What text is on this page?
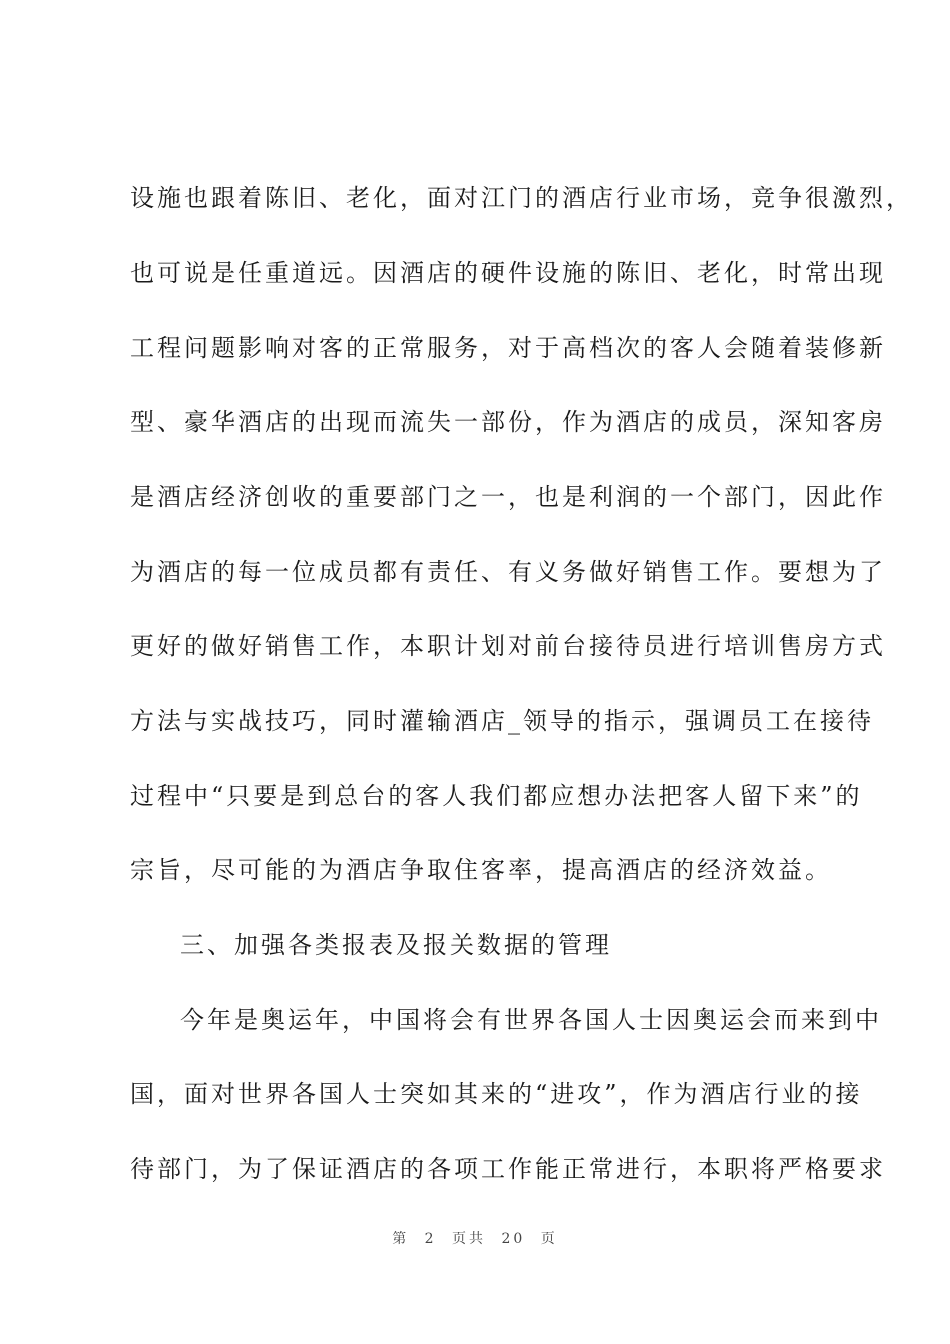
设施也跟着陈旧、老化，面对江门的酒店行业市场，竞争很激烈，
也可说是任重道远。因酒店的硬件设施的陈旧、老化，时常出现
工程问题影响对客的正常服务，对于高档次的客人会随着装修新
型、豪华酒店的出现而流失一部份，作为酒店的成员，深知客房
是酒店经济创收的重要部门之一，也是利润的一个部门，因此作
为酒店的每一位成员都有责任、有义务做好销售工作。要想为了
更好的做好销售工作，本职计划对前台接待员进行培训售房方式
方法与实战技巧，同时灌输酒店_领导的指示，强调员工在接待
过程中“只要是到总台的客人我们都应想办法把客人留下来”的
宗旨，尽可能的为酒店争取住客率，提高酒店的经济效益。
三、加强各类报表及报关数据的管理
今年是奥运年，中国将会有世界各国人士因奥运会而来到中
国，面对世界各国人士突如其来的“进攻”，作为酒店行业的接
待部门，为了保证酒店的各项工作能正常进行，本职将严格要求
第 2 页共 20 页
